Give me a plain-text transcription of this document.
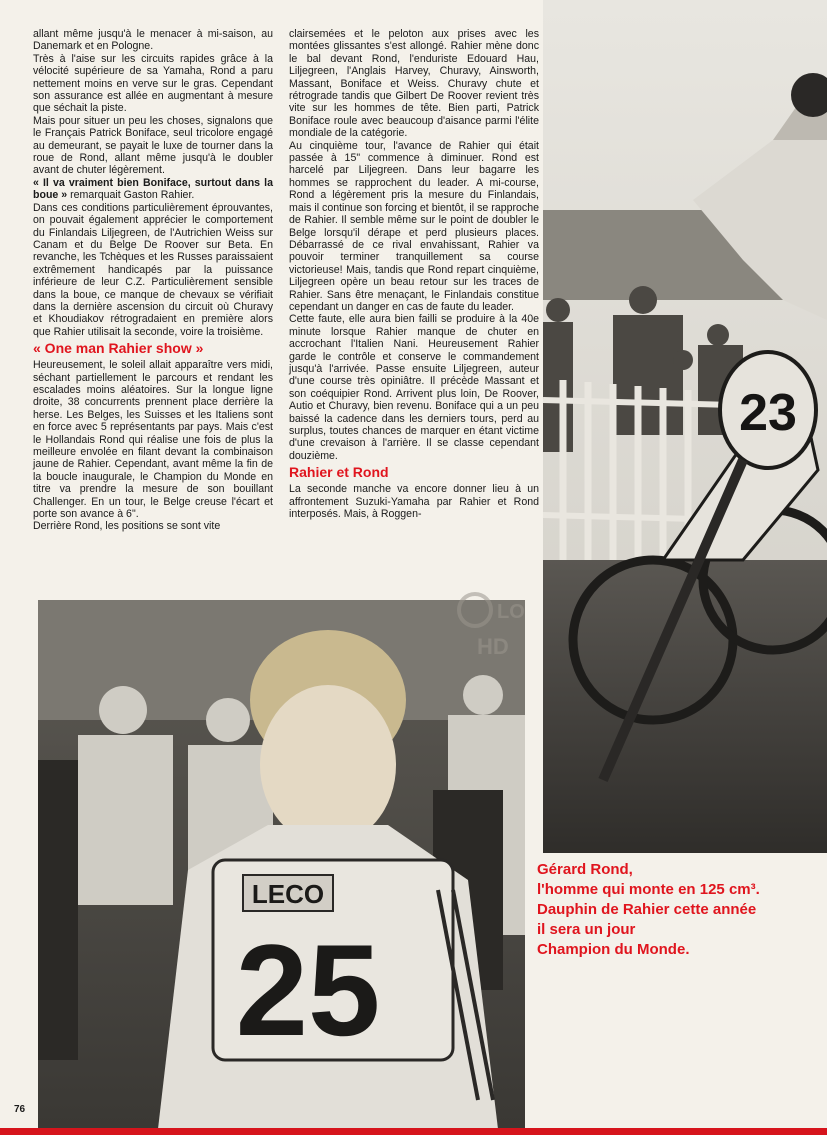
allant même jusqu'à le menacer à mi-saison, au Danemark et en Pologne.

Très à l'aise sur les circuits rapides grâce à la vélocité supérieure de sa Yamaha, Rond a paru nettement moins en verve sur le gras. Cependant son assurance est allée en augmentant à mesure que séchait la piste.

Mais pour situer un peu les choses, signalons que le Français Patrick Boniface, seul tricolore engagé au demeurant, se payait le luxe de tourner dans la roue de Rond, allant même jusqu'à le doubler avant de chuter légèrement.

« Il va vraiment bien Boniface, surtout dans la boue » remarquait Gaston Rahier.

Dans ces conditions particulièrement éprouvantes, on pouvait également apprécier le comportement du Finlandais Liljegreen, de l'Autrichien Weiss sur Canam et du Belge De Roover sur Beta. En revanche, les Tchèques et les Russes paraissaient extrêmement handicapés par la puissance inférieure de leur C.Z. Particulièrement sensible dans la boue, ce manque de chevaux se vérifiait dans la dernière ascension du circuit où Churavy et Khoudiakov rétrogradaient en première alors que Rahier utilisait la seconde, voire la troisième.

« One man Rahier show »

Heureusement, le soleil allait apparaître vers midi, séchant partiellement le parcours et rendant les escalades moins aléatoires. Sur la longue ligne droite, 38 concurrents prennent place derrière la herse. Les Belges, les Suisses et les Italiens sont en force avec 5 représentants par pays. Mais c'est le Hollandais Rond qui réalise une fois de plus la meilleure envolée en filant devant la combinaison jaune de Rahier. Cependant, avant même la fin de la boucle inaugurale, le Champion du Monde en titre va prendre la mesure de son bouillant Challenger. En un tour, le Belge creuse l'écart et porte son avance à 6".

Derrière Rond, les positions se sont vite

clairsemées et le peloton aux prises avec les montées glissantes s'est allongé. Rahier mène donc le bal devant Rond, l'enduriste Edouard Hau, Liljegreen, l'Anglais Harvey, Churavy, Ainsworth, Massant, Boniface et Weiss. Churavy chute et rétrograde tandis que Gilbert De Roover revient très vite sur les hommes de tête. Bien parti, Patrick Boniface roule avec beaucoup d'aisance parmi l'élite mondiale de la catégorie.

Au cinquième tour, l'avance de Rahier qui était passée à 15" commence à diminuer. Rond est harcelé par Liljegreen. Dans leur bagarre les hommes se rapprochent du leader. A mi-course, Rond a légèrement pris la mesure du Finlandais, mais il continue son forcing et bientôt, il se rapproche de Rahier. Il semble même sur le point de doubler le Belge lorsqu'il dérape et perd plusieurs places. Débarrassé de ce rival envahissant, Rahier va pouvoir terminer tranquillement sa course victorieuse! Mais, tandis que Rond repart cinquième, Liljegreen opère un beau retour sur les traces de Rahier. Sans être menaçant, le Finlandais constitue cependant un danger en cas de faute du leader.

Cette faute, elle aura bien failli se produire à la 40e minute lorsque Rahier manque de chuter en accrochant l'Italien Nani. Heureusement Rahier garde le contrôle et conserve le commandement jusqu'à l'arrivée. Passe ensuite Liljegreen, auteur d'une course très opiniâtre. Il précède Massant et son coéquipier Rond. Arrivent plus loin, De Roover, Autio et Churavy, bien revenu. Boniface qui a un peu baissé la cadence dans les derniers tours, perd au surplus, toutes chances de marquer en étant victime d'une crevaison à l'arrière. Il se classe cependant douzième.

Rahier et Rond

La seconde manche va encore donner lieu à un affrontement Suzuki-Yamaha par Rahier et Rond interposés. Mais, à Roggen-

23
LECO
25
LO
HD
Gérard Rond,
l'homme qui monte en 125 cm³.
Dauphin de Rahier cette année
il sera un jour
Champion du Monde.
76
